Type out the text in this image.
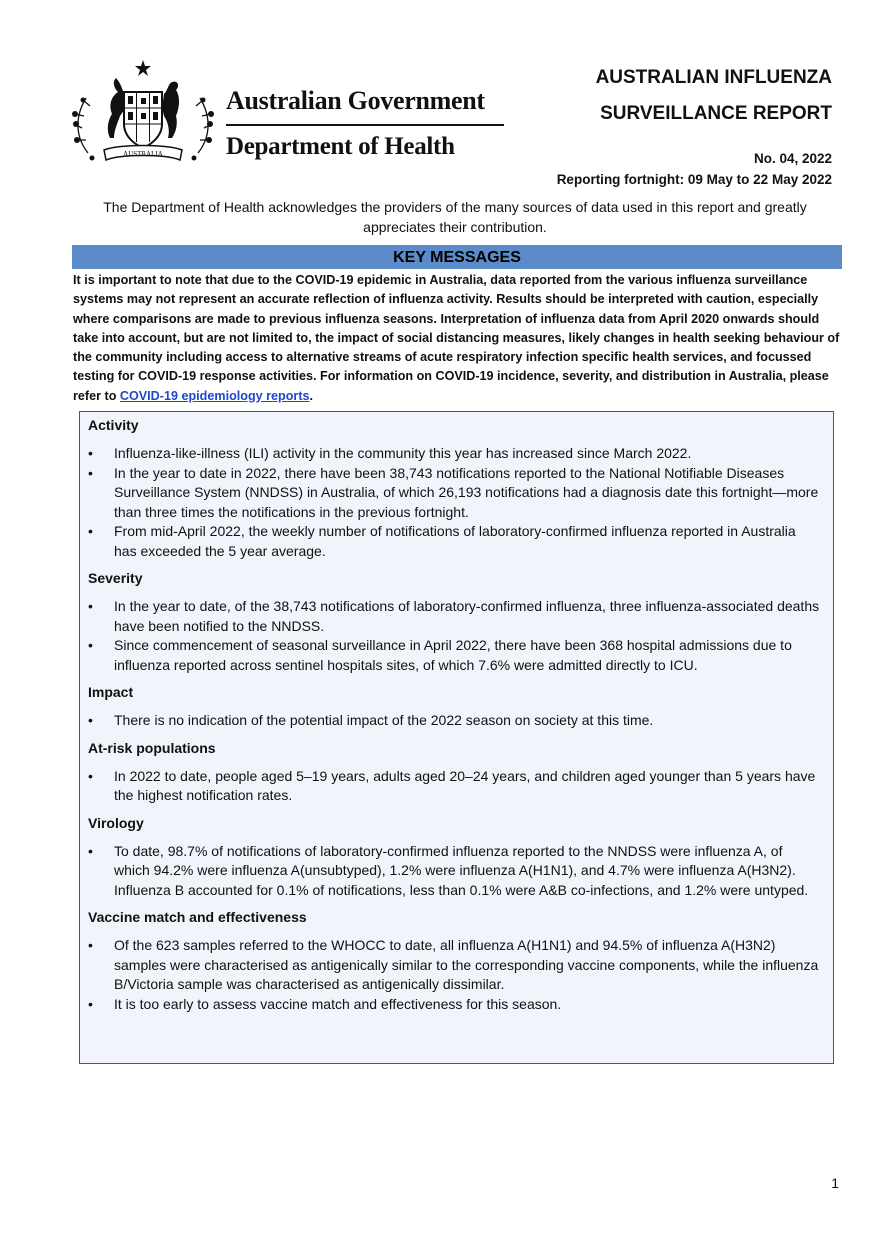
AUSTRALIA
Australian Government
Department of Health
AUSTRALIAN INFLUENZA
SURVEILLANCE REPORT
No. 04, 2022
Reporting fortnight: 09 May to 22 May 2022
The Department of Health acknowledges the providers of the many sources of data used in this report and greatly appreciates their contribution.
KEY MESSAGES
It is important to note that due to the COVID-19 epidemic in Australia, data reported from the various influenza surveillance systems may not represent an accurate reflection of influenza activity. Results should be interpreted with caution, especially where comparisons are made to previous influenza seasons. Interpretation of influenza data from April 2020 onwards should take into account, but are not limited to, the impact of social distancing measures, likely changes in health seeking behaviour of the community including access to alternative streams of acute respiratory infection specific health services, and focussed testing for COVID-19 response activities. For information on COVID-19 incidence, severity, and distribution in Australia, please refer to COVID-19 epidemiology reports.
Activity
• Influenza-like-illness (ILI) activity in the community this year has increased since March 2022.
• In the year to date in 2022, there have been 38,743 notifications reported to the National Notifiable Diseases Surveillance System (NNDSS) in Australia, of which 26,193 notifications had a diagnosis date this fortnight—more than three times the notifications in the previous fortnight.
• From mid-April 2022, the weekly number of notifications of laboratory-confirmed influenza reported in Australia has exceeded the 5 year average.
Severity
• In the year to date, of the 38,743 notifications of laboratory-confirmed influenza, three influenza-associated deaths have been notified to the NNDSS.
• Since commencement of seasonal surveillance in April 2022, there have been 368 hospital admissions due to influenza reported across sentinel hospitals sites, of which 7.6% were admitted directly to ICU.
Impact
• There is no indication of the potential impact of the 2022 season on society at this time.
At-risk populations
• In 2022 to date, people aged 5–19 years, adults aged 20–24 years, and children aged younger than 5 years have the highest notification rates.
Virology
• To date, 98.7% of notifications of laboratory-confirmed influenza reported to the NNDSS were influenza A, of which 94.2% were influenza A(unsubtyped), 1.2% were influenza A(H1N1), and 4.7% were influenza A(H3N2). Influenza B accounted for 0.1% of notifications, less than 0.1% were A&B co-infections, and 1.2% were untyped.
Vaccine match and effectiveness
• Of the 623 samples referred to the WHOCC to date, all influenza A(H1N1) and 94.5% of influenza A(H3N2) samples were characterised as antigenically similar to the corresponding vaccine components, while the influenza B/Victoria sample was characterised as antigenically dissimilar.
• It is too early to assess vaccine match and effectiveness for this season.
1
